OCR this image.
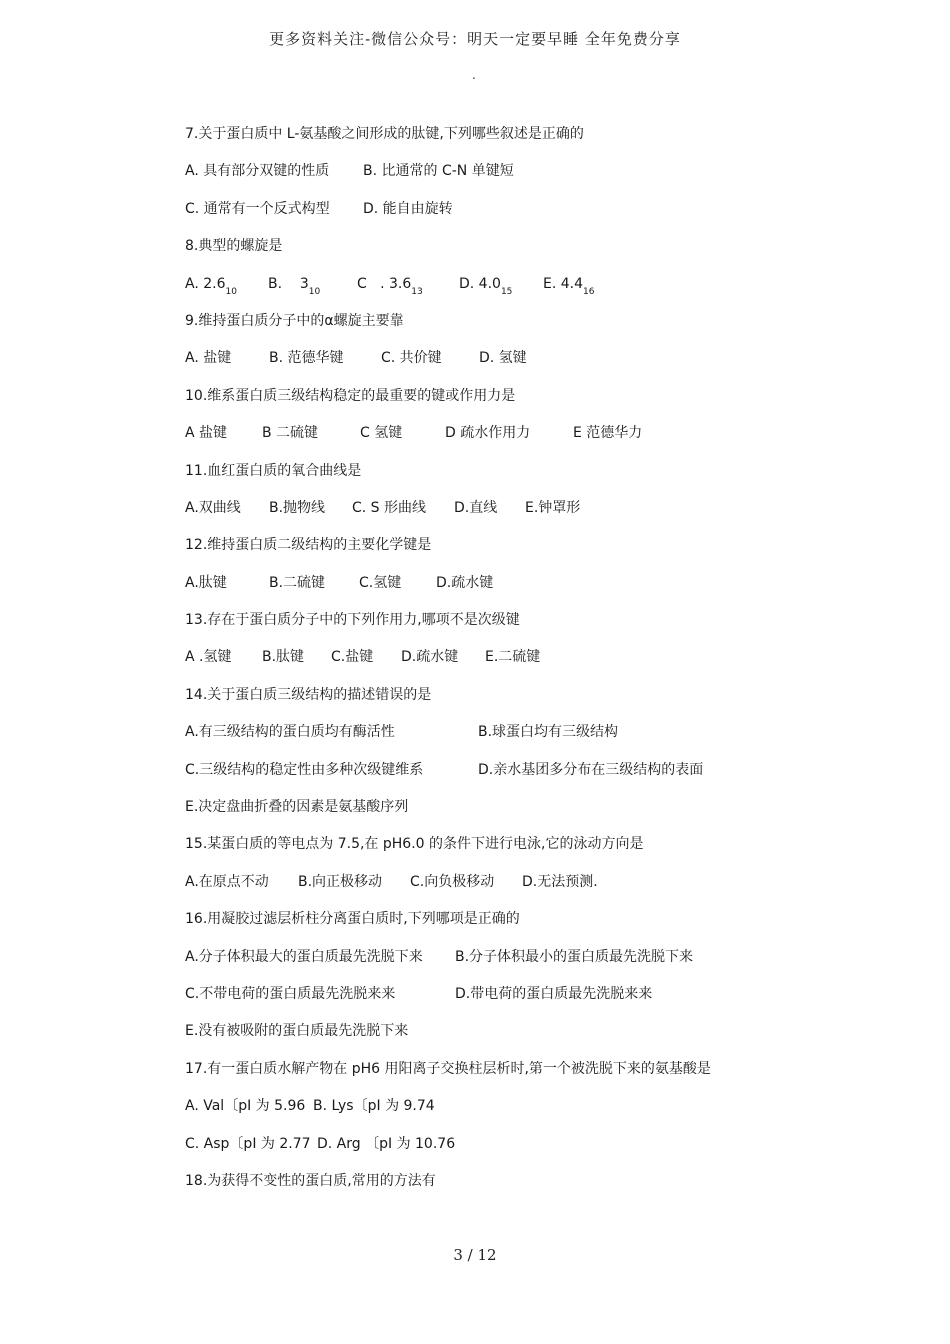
更多资料关注-微信公众号：明天一定要早睡 全年免费分享
.
7.关于蛋白质中 L-氨基酸之间形成的肽键,下列哪些叙述是正确的
A. 具有部分双键的性质	B. 比通常的 C-N 单键短
C. 通常有一个反式构型	D. 能自由旋转
8.典型的螺旋是
A. $2.6_{10}$	B.    $3_{10}$	C   . $3.6_{13}$	D. $4.0_{15}$	E. $4.4_{16}$
9.维持蛋白质分子中的α螺旋主要靠
A. 盐键	B. 范德华键	C. 共价键	D. 氢键
10.维系蛋白质三级结构稳定的最重要的键或作用力是
A 盐键	B 二硫键	C 氢键	D 疏水作用力	E 范德华力
11.血红蛋白质的氧合曲线是
A.双曲线	B.抛物线	C. S 形曲线	D.直线	E.钟罩形
12.维持蛋白质二级结构的主要化学键是
A.肽键	B.二硫键	C.氢键	D.疏水键
13.存在于蛋白质分子中的下列作用力,哪项不是次级键
A .氢键	B.肽键	C.盐键	D.疏水键	E.二硫键
14.关于蛋白质三级结构的描述错误的是
A.有三级结构的蛋白质均有酶活性	B.球蛋白均有三级结构
C.三级结构的稳定性由多种次级键维系	D.亲水基团多分布在三级结构的表面
E.决定盘曲折叠的因素是氨基酸序列
15.某蛋白质的等电点为 7.5,在 pH6.0 的条件下进行电泳,它的泳动方向是
A.在原点不动	B.向正极移动	C.向负极移动	D.无法预测.
16.用凝胶过滤层析柱分离蛋白质时,下列哪项是正确的
A.分子体积最大的蛋白质最先洗脱下来	B.分子体积最小的蛋白质最先洗脱下来
C.不带电荷的蛋白质最先洗脱来来	D.带电荷的蛋白质最先洗脱来来
E.没有被吸附的蛋白质最先洗脱下来
17.有一蛋白质水解产物在 pH6 用阳离子交换柱层析时,第一个被洗脱下来的氨基酸是
A. Val〔pI 为 5.96 B. Lys〔pI 为 9.74
C. Asp〔pI 为 2.77 D. Arg 〔pI 为 10.76
18.为获得不变性的蛋白质,常用的方法有
3 / 12
